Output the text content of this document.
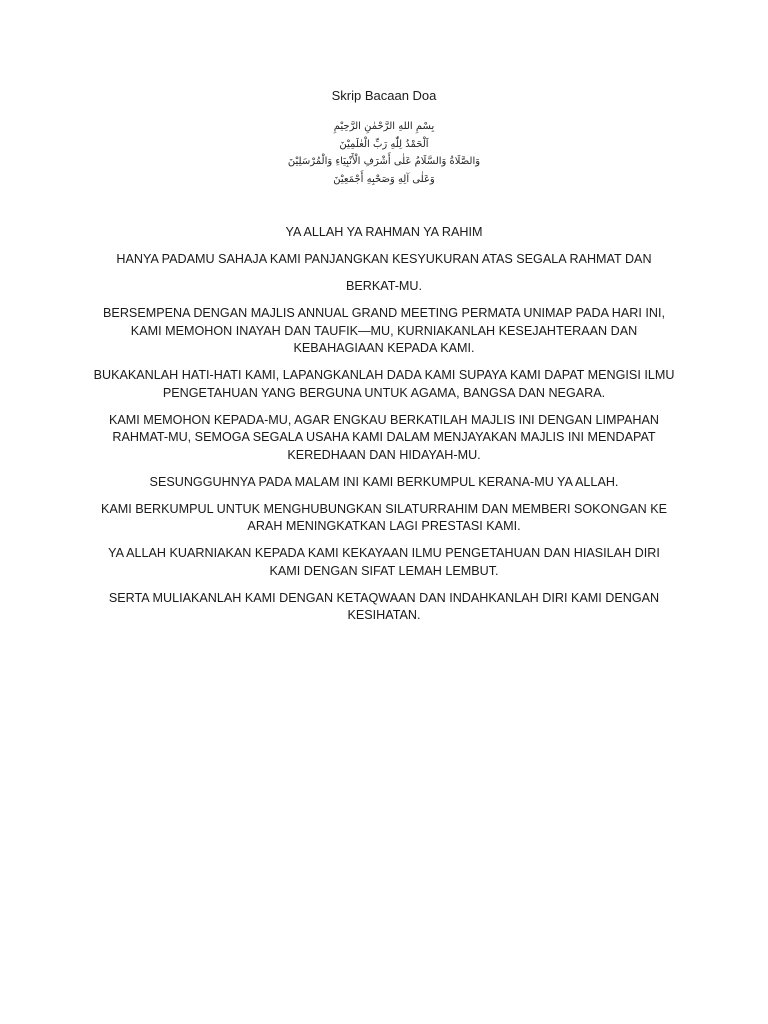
Skrip Bacaan Doa
بِسْمِ اللهِ الرَّحْمٰنِ الرَّحِيْمِ
اَلْحَمْدُ لِلّٰهِ رَبِّ الْعٰلَمِيْنَ
وَالصَّلَاةُ وَالسَّلَامُ عَلٰى أَشْرَفِ الْأَنْبِيَاءِ وَالْمُرْسَلِيْنَ
وَعَلٰى آلِهِ وَصَحْبِهِ أَجْمَعِيْنَ

YA ALLAH YA RAHMAN YA RAHIM

HANYA PADAMU SAHAJA KAMI PANJANGKAN KESYUKURAN ATAS SEGALA RAHMAT DAN

BERKAT-MU.

BERSEMPENA DENGAN MAJLIS ANNUAL GRAND MEETING PERMATA UNIMAP PADA HARI INI, KAMI MEMOHON INAYAH DAN TAUFIK—MU, KURNIAKANLAH KESEJAHTERAAN DAN KEBAHAGIAAN KEPADA KAMI.

BUKAKANLAH HATI-HATI KAMI, LAPANGKANLAH DADA KAMI SUPAYA KAMI DAPAT MENGISI ILMU PENGETAHUAN YANG BERGUNA UNTUK AGAMA, BANGSA DAN NEGARA.

KAMI MEMOHON KEPADA-MU, AGAR ENGKAU BERKATILAH MAJLIS INI DENGAN LIMPAHAN RAHMAT-MU, SEMOGA SEGALA USAHA KAMI DALAM MENJAYAKAN MAJLIS INI MENDAPAT KEREDHAAN DAN HIDAYAH-MU.

SESUNGGUHNYA PADA MALAM INI KAMI BERKUMPUL KERANA-MU YA ALLAH.

KAMI BERKUMPUL UNTUK MENGHUBUNGKAN SILATURRAHIM DAN MEMBERI SOKONGAN KE ARAH MENINGKATKAN LAGI PRESTASI KAMI.

YA ALLAH KUARNIAKAN KEPADA KAMI KEKAYAAN ILMU PENGETAHUAN DAN HIASILAH DIRI KAMI DENGAN SIFAT LEMAH LEMBUT.

SERTA MULIAKANLAH KAMI DENGAN KETAQWAAN DAN INDAHKANLAH DIRI KAMI DENGAN KESIHATAN.
